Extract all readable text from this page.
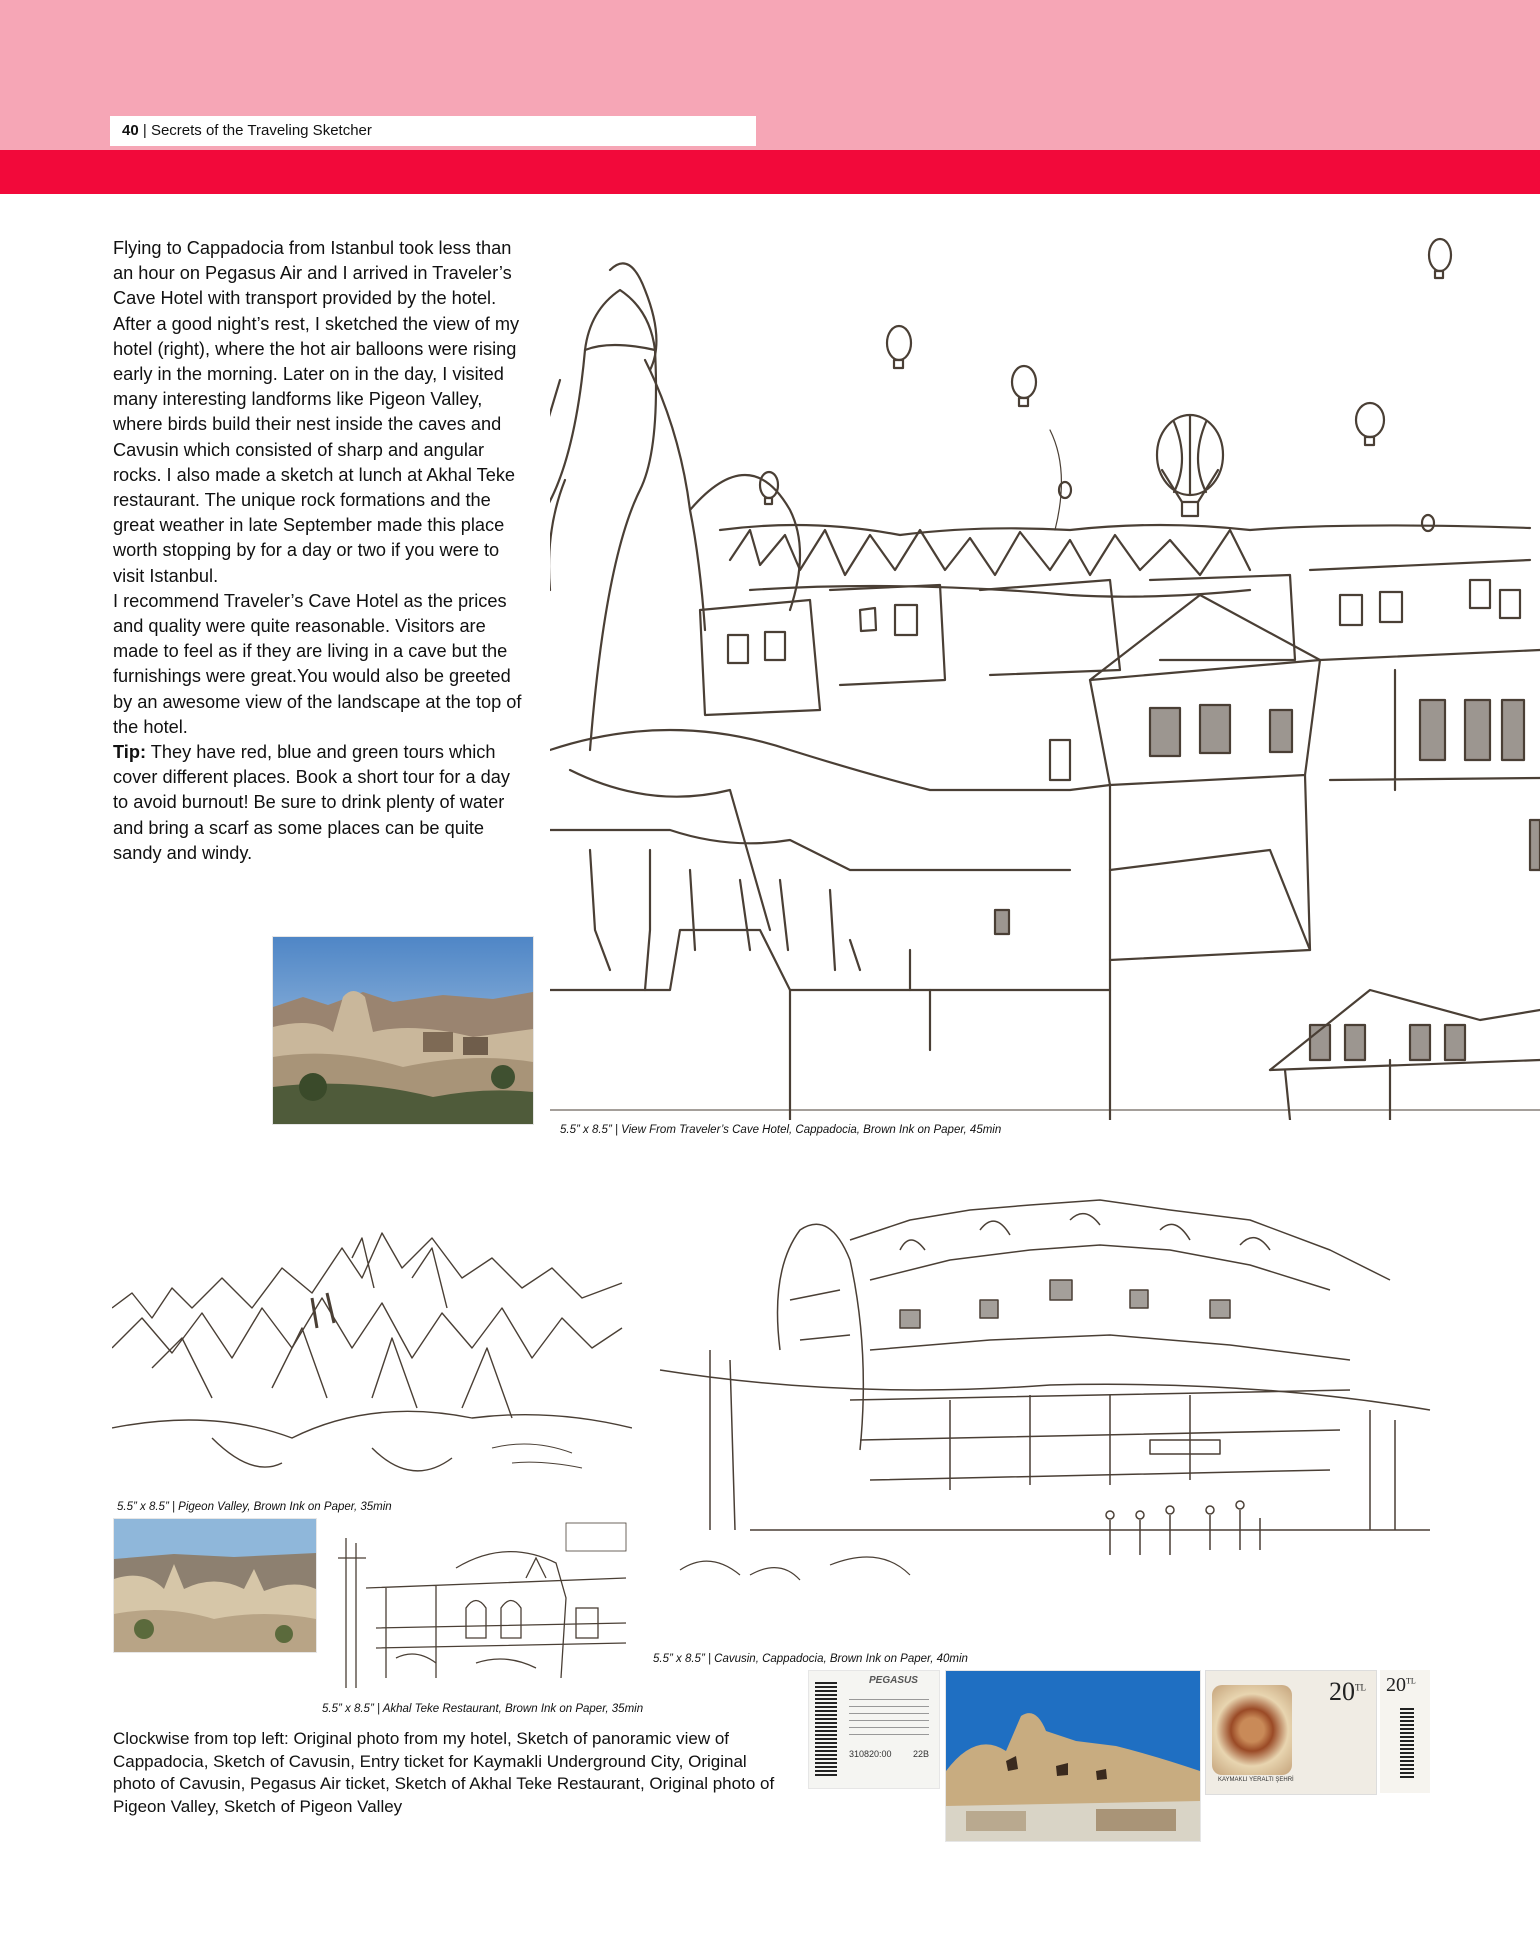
40 | Secrets of the Traveling Sketcher

Flying to Cappadocia from Istanbul took less than an hour on Pegasus Air and I arrived in Traveler’s Cave Hotel with transport provided by the hotel. After a good night’s rest, I sketched the view of my hotel (right), where the hot air balloons were rising early in the morning. Later on in the day, I visited many interesting landforms like Pigeon Valley, where birds build their nest inside the caves and Cavusin which consisted of sharp and angular rocks. I also made a sketch at lunch at Akhal Teke restaurant. The unique rock formations and the great weather in late September made this place worth stopping by for a day or two if you were to visit Istanbul.

I recommend Traveler’s Cave Hotel as the prices and quality were quite reasonable. Visitors are made to feel as if they are living in a cave but the furnishings were great.You would also be greeted by an awesome view of the landscape at the top of the hotel.

Tip: They have red, blue and green tours which cover different places. Book a short tour for a day to avoid burnout! Be sure to drink plenty of water and bring a scarf as some places can be quite sandy and windy.

5.5” x 8.5” | View From Traveler’s Cave Hotel, Cappadocia, Brown Ink on Paper, 45min
5.5” x 8.5” | Pigeon Valley, Brown Ink on Paper, 35min
5.5” x 8.5” | Akhal Teke Restaurant, Brown Ink on Paper, 35min
5.5” x 8.5” | Cavusin, Cappadocia, Brown Ink on Paper, 40min
PEGASUS
310820:00 22B
$20^{TL}$
KAYMAKLI YERALTI ŞEHRİ
$20^{TL}$
Clockwise from top left: Original photo from my hotel, Sketch of panoramic view of Cappadocia, Sketch of Cavusin, Entry ticket for Kaymakli Underground City, Original photo of Cavusin, Pegasus Air ticket, Sketch of Akhal Teke Restaurant, Original photo of Pigeon Valley, Sketch of Pigeon Valley
